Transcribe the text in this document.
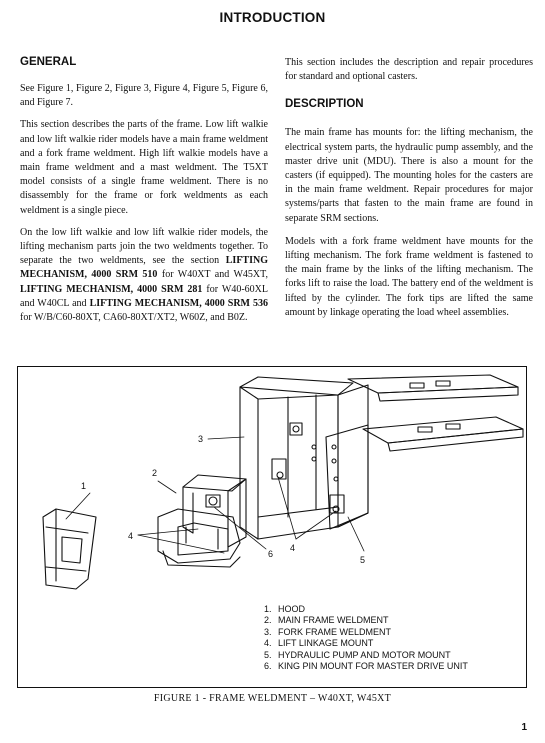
INTRODUCTION
GENERAL

See Figure 1, Figure 2, Figure 3, Figure 4, Figure 5, Figure 6, and Figure 7.

This section describes the parts of the frame. Low lift walkie and low lift walkie rider models have a main frame weldment and a fork frame weldment. High lift walkie models have a main frame weldment and a mast weldment. The T5XT model consists of a single frame weldment. There is no disassembly for the frame or fork weldments as each weldment is a single piece.

On the low lift walkie and low lift walkie rider models, the lifting mechanism parts join the two weldments together. To separate the two weldments, see the section LIFTING MECHANISM, 4000 SRM 510 for W40XT and W45XT, LIFTING MECHANISM, 4000 SRM 281 for W40-60XL and W40CL and LIFTING MECHANISM, 4000 SRM 536 for W/B/C60-80XT, CA60-80XT/XT2, W60Z, and B0Z.

This section includes the description and repair procedures for standard and optional casters.

DESCRIPTION

The main frame has mounts for: the lifting mechanism, the electrical system parts, the hydraulic pump assembly, and the master drive unit (MDU). There is also a mount for the casters (if equipped). The mounting holes for the casters are in the main frame weldment. Repair procedures for major systems/parts that fasten to the main frame are found in separate SRM sections.

Models with a fork frame weldment have mounts for the lifting mechanism. The fork frame weldment is fastened to the main frame by the links of the lifting mechanism. The forks lift to raise the load. The battery end of the weldment is lifted by the cylinder. The fork tips are lifted the same amount by linkage operating the load wheel assemblies.

1
2
3
4
4
5
6
1. HOOD
2. MAIN FRAME WELDMENT
3. FORK FRAME WELDMENT
4. LIFT LINKAGE MOUNT
5. HYDRAULIC PUMP AND MOTOR MOUNT
6. KING PIN MOUNT FOR MASTER DRIVE UNIT
FIGURE 1 - FRAME WELDMENT – W40XT, W45XT
1
